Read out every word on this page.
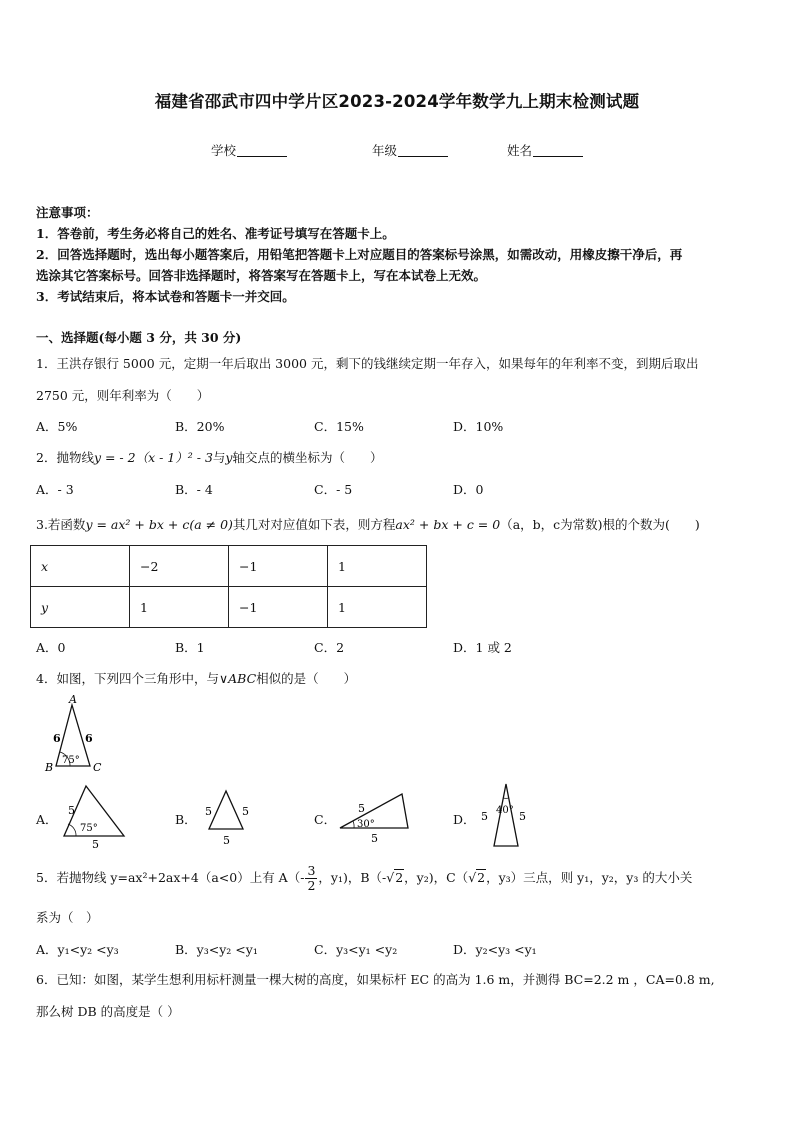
福建省邵武市四中学片区2023-2024学年数学九上期末检测试题
学校	年级	姓名
注意事项：
1．答卷前，考生务必将自己的姓名、准考证号填写在答题卡上。
2．回答选择题时，选出每小题答案后，用铅笔把答题卡上对应题目的答案标号涂黑，如需改动，用橡皮擦干净后，再
选涂其它答案标号。回答非选择题时，将答案写在答题卡上，写在本试卷上无效。
3．考试结束后，将本试卷和答题卡一并交回。
一、选择题(每小题 3 分，共 30 分)
1．王洪存银行 5000 元，定期一年后取出 3000 元，剩下的钱继续定期一年存入，如果每年的年利率不变，到期后取出
2750 元，则年利率为（　　）
A．5%	B．20%	C．15%	D．10%
2．抛物线y = - 2（x - 1）² - 3与y轴交点的横坐标为（　　）
A．- 3	B．- 4	C．- 5	D．0
3.若函数y = ax² + bx + c(a ≠ 0)其几对对应值如下表，则方程ax² + bx + c = 0（a，b，c为常数)根的个数为(　　)
x	−2	−1	1
y	1	−1	1
A．0	B．1	C．2	D．1 或 2
4．如图，下列四个三角形中，与∨ABC相似的是（　　）
A
B	C
6 6
75°
A．
5
5
75°
B．
5	5
5
C．
5
5
30°	D． 5	5
40°
5．若抛物线 y=ax²+2ax+4（a<0）上有 $A(- \frac{3}{2}$ ，y₁)，B（-√2，y₂)，C（√2，y₃）三点，则 y₁，y₂，y₃ 的大小关
系为（　）
A．y₁<y₂ <y₃	B．y₃<y₂ <y₁	C．y₃<y₁ <y₂	D．y₂<y₃ <y₁
6．已知：如图，某学生想利用标杆测量一棵大树的高度，如果标杆 EC 的高为 1.6 m，并测得 BC=2.2 m ，CA=0.8 m,
那么树 DB 的高度是（ ）
